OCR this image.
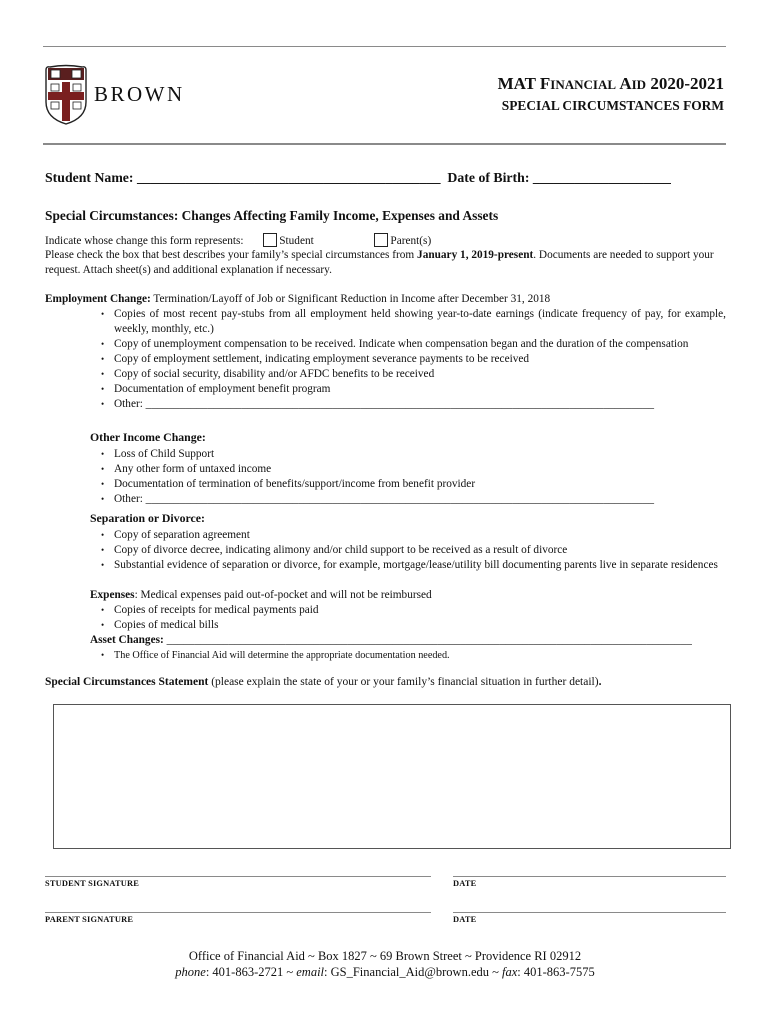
BROWN	MAT FINANCIAL AID 2020-2021
SPECIAL CIRCUMSTANCES FORM
Student Name: ____________________________________________ Date of Birth: ____________________
Special Circumstances: Changes Affecting Family Income, Expenses and Assets
Indicate whose change this form represents:	Student	Parent(s)
Please check the box that best describes your family’s special circumstances from January 1, 2019-present. Documents are needed to support your request. Attach sheet(s) and additional explanation if necessary.
Employment Change: Termination/Layoff of Job or Significant Reduction in Income after December 31, 2018
• Copies of most recent pay-stubs from all employment held showing year-to-date earnings (indicate frequency of pay, for example, weekly, monthly, etc.)
• Copy of unemployment compensation to be received. Indicate when compensation began and the duration of the compensation
• Copy of employment settlement, indicating employment severance payments to be received
• Copy of social security, disability and/or AFDC benefits to be received
• Documentation of employment benefit program
• Other: __________________________________________________________________________________________
Other Income Change:
• Loss of Child Support
• Any other form of untaxed income
• Documentation of termination of benefits/support/income from benefit provider
• Other: __________________________________________________________________________________________
Separation or Divorce:
• Copy of separation agreement
• Copy of divorce decree, indicating alimony and/or child support to be received as a result of divorce
• Substantial evidence of separation or divorce, for example, mortgage/lease/utility bill documenting parents live in separate residences
Expenses: Medical expenses paid out-of-pocket and will not be reimbursed
• Copies of receipts for medical payments paid
• Copies of medical bills
Asset Changes: _____________________________________________________________________________________________
• The Office of Financial Aid will determine the appropriate documentation needed.
Special Circumstances Statement (please explain the state of your or your family’s financial situation in further detail).
STUDENT SIGNATURE	DATE
PARENT SIGNATURE	DATE
Office of Financial Aid ~ Box 1827 ~ 69 Brown Street ~ Providence RI 02912
phone: 401-863-2721 ~ email: GS_Financial_Aid@brown.edu ~ fax: 401-863-7575
